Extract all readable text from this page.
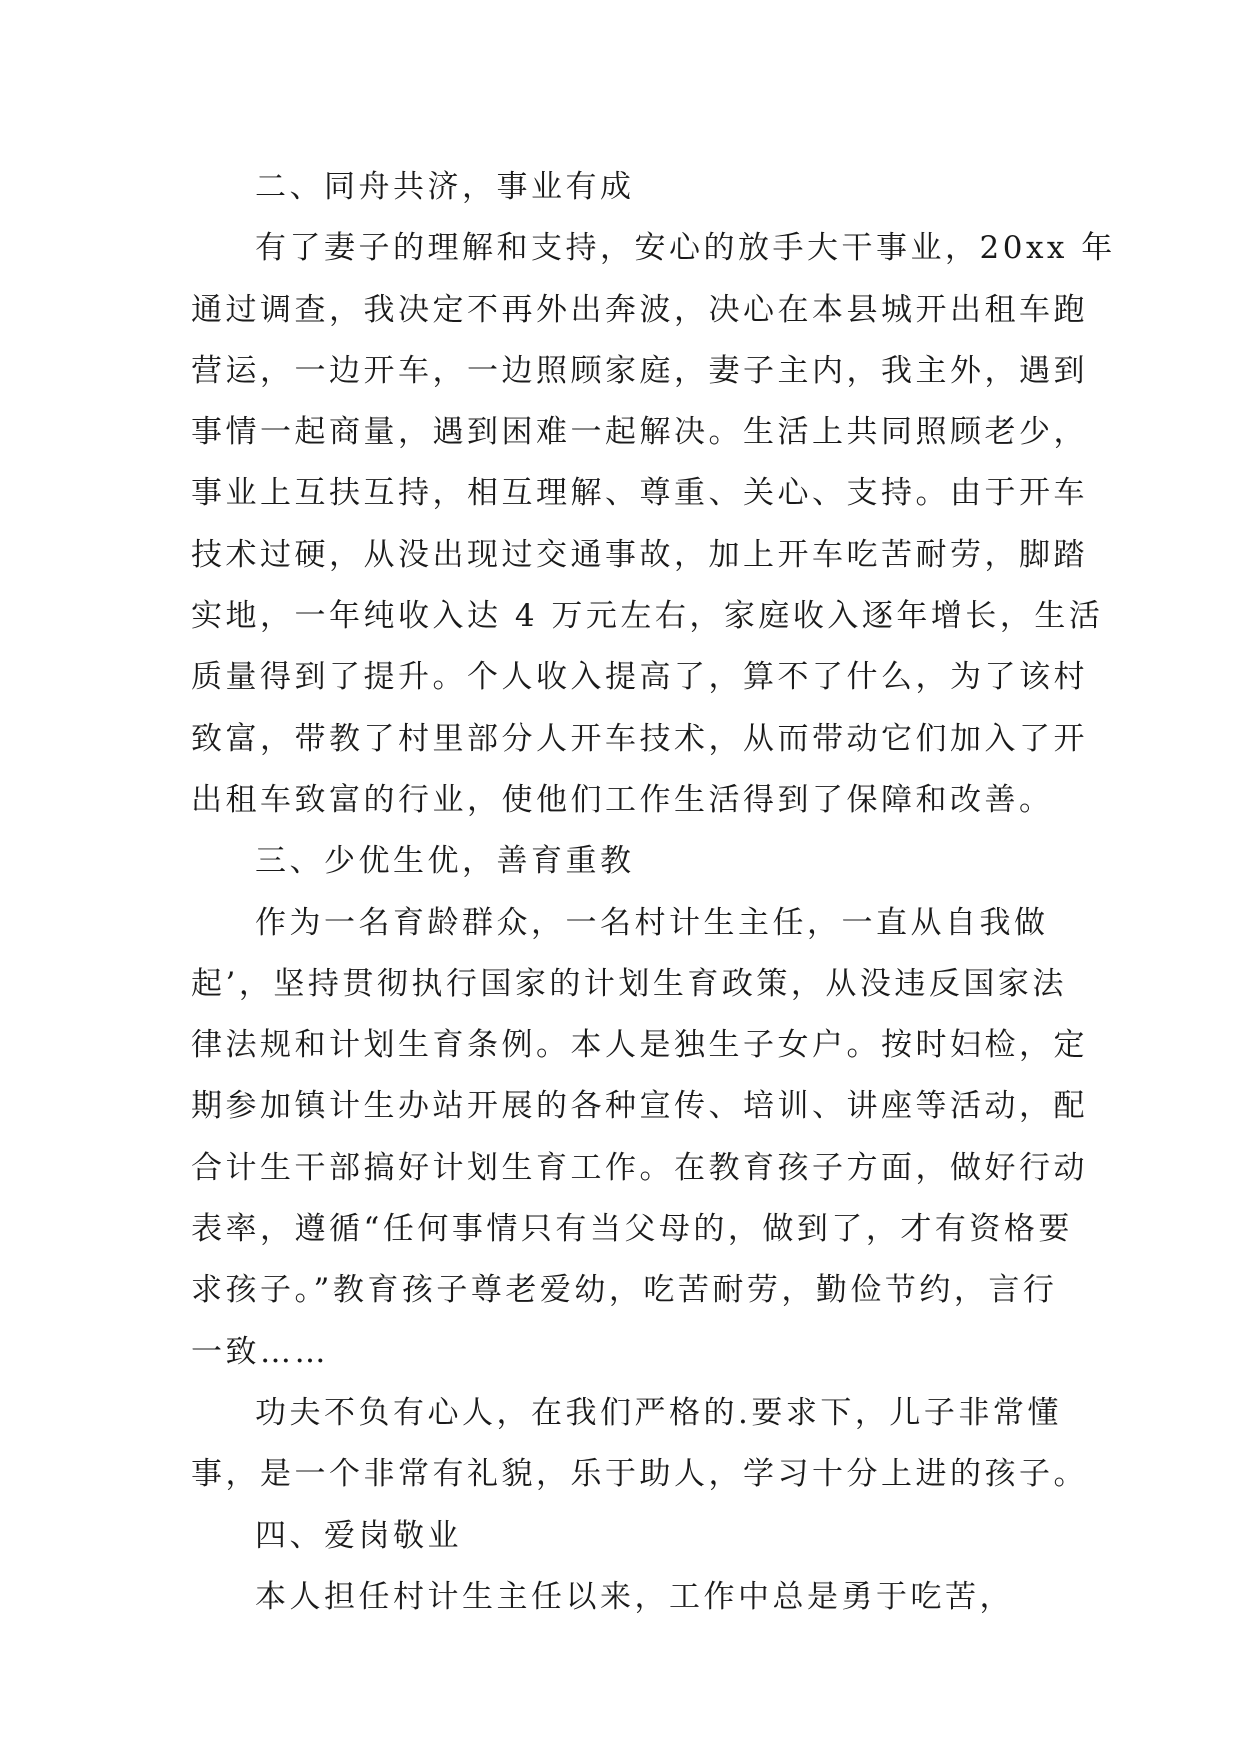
二、同舟共济，事业有成
有了妻子的理解和支持，安心的放手大干事业，20xx 年
通过调查，我决定不再外出奔波，决心在本县城开出租车跑
营运，一边开车，一边照顾家庭，妻子主内，我主外，遇到
事情一起商量，遇到困难一起解决。生活上共同照顾老少，
事业上互扶互持，相互理解、尊重、关心、支持。由于开车
技术过硬，从没出现过交通事故，加上开车吃苦耐劳，脚踏
实地，一年纯收入达 4 万元左右，家庭收入逐年增长，生活
质量得到了提升。个人收入提高了，算不了什么，为了该村
致富，带教了村里部分人开车技术，从而带动它们加入了开
出租车致富的行业，使他们工作生活得到了保障和改善。
三、少优生优，善育重教
作为一名育龄群众，一名村计生主任，一直从自我做
起’，坚持贯彻执行国家的计划生育政策，从没违反国家法
律法规和计划生育条例。本人是独生子女户。按时妇检，定
期参加镇计生办站开展的各种宣传、培训、讲座等活动，配
合计生干部搞好计划生育工作。在教育孩子方面，做好行动
表率，遵循“任何事情只有当父母的，做到了，才有资格要
求孩子。”教育孩子尊老爱幼，吃苦耐劳，勤俭节约，言行
一致……
功夫不负有心人，在我们严格的.要求下，儿子非常懂
事，是一个非常有礼貌，乐于助人，学习十分上进的孩子。
四、爱岗敬业
本人担任村计生主任以来，工作中总是勇于吃苦，
